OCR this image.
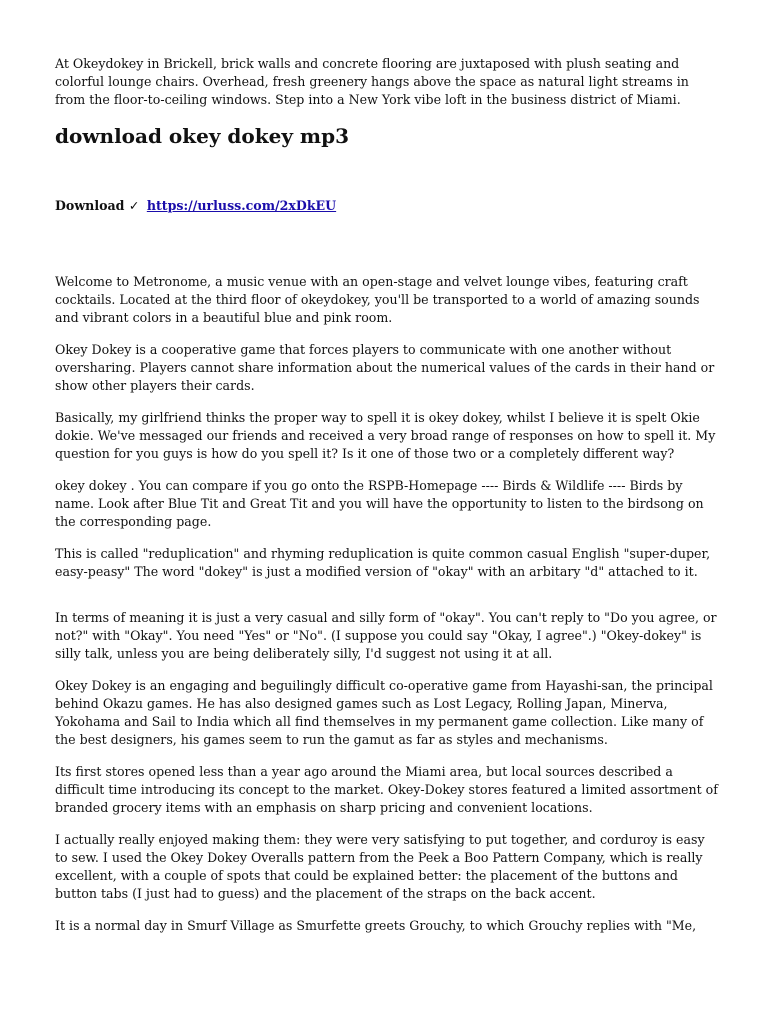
At Okeydokey in Brickell, brick walls and concrete flooring are juxtaposed with plush seating and colorful lounge chairs. Overhead, fresh greenery hangs above the space as natural light streams in from the floor-to-ceiling windows. Step into a New York vibe loft in the business district of Miami.

download okey dokey mp3
Download ✓ https://urluss.com/2xDkEU

Welcome to Metronome, a music venue with an open-stage and velvet lounge vibes, featuring craft cocktails. Located at the third floor of okeydokey, you'll be transported to a world of amazing sounds and vibrant colors in a beautiful blue and pink room.

Okey Dokey is a cooperative game that forces players to communicate with one another without oversharing. Players cannot share information about the numerical values of the cards in their hand or show other players their cards.

Basically, my girlfriend thinks the proper way to spell it is okey dokey, whilst I believe it is spelt Okie dokie. We've messaged our friends and received a very broad range of responses on how to spell it. My question for you guys is how do you spell it? Is it one of those two or a completely different way?

okey dokey . You can compare if you go onto the RSPB-Homepage ---- Birds & Wildlife ---- Birds by name. Look after Blue Tit and Great Tit and you will have the opportunity to listen to the birdsong on the corresponding page.

This is called "reduplication" and rhyming reduplication is quite common casual English "super-duper, easy-peasy" The word "dokey" is just a modified version of "okay" with an arbitary "d" attached to it.

In terms of meaning it is just a very casual and silly form of "okay". You can't reply to "Do you agree, or not?" with "Okay". You need "Yes" or "No". (I suppose you could say "Okay, I agree".) "Okey-dokey" is silly talk, unless you are being deliberately silly, I'd suggest not using it at all.

Okey Dokey is an engaging and beguilingly difficult co-operative game from Hayashi-san, the principal behind Okazu games. He has also designed games such as Lost Legacy, Rolling Japan, Minerva, Yokohama and Sail to India which all find themselves in my permanent game collection. Like many of the best designers, his games seem to run the gamut as far as styles and mechanisms.

Its first stores opened less than a year ago around the Miami area, but local sources described a difficult time introducing its concept to the market. Okey-Dokey stores featured a limited assortment of branded grocery items with an emphasis on sharp pricing and convenient locations.

I actually really enjoyed making them: they were very satisfying to put together, and corduroy is easy to sew. I used the Okey Dokey Overalls pattern from the Peek a Boo Pattern Company, which is really excellent, with a couple of spots that could be explained better: the placement of the buttons and button tabs (I just had to guess) and the placement of the straps on the back accent.

It is a normal day in Smurf Village as Smurfette greets Grouchy, to which Grouchy replies with "Me,
